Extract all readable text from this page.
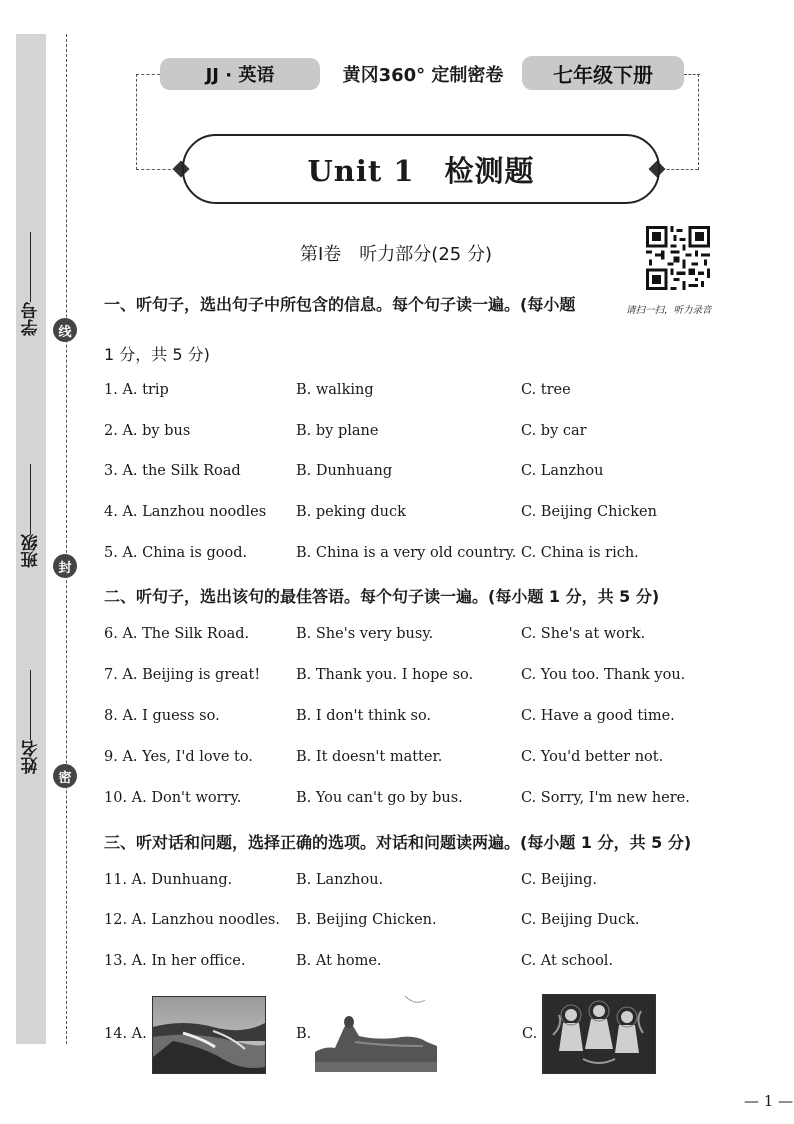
线
封
密
学号
班级
姓名
JJ · 英语	黄冈360° 定制密卷	七年级下册
Unit 1　检测题
第Ⅰ卷　听力部分(25 分)
请扫一扫，听力录音
一、听句子，选出句子中所包含的信息。每个句子读一遍。(每小题
1 分，共 5 分)
1. A. trip	B. walking	C. tree
2. A. by bus	B. by plane	C. by car
3. A. the Silk Road	B. Dunhuang	C. Lanzhou
4. A. Lanzhou noodles B. peking duck	C. Beijing Chicken
5. A. China is good.	B. China is a very old country. C. China is rich.
二、听句子，选出该句的最佳答语。每个句子读一遍。(每小题 1 分，共 5 分)
6. A. The Silk Road.	B. She's very busy.	C. She's at work.
7. A. Beijing is great! B. Thank you. I hope so.	C. You too. Thank you.
8. A. I guess so.	B. I don't think so.	C. Have a good time.
9. A. Yes, I'd love to.	B. It doesn't matter.	C. You'd better not.
10. A. Don't worry.	B. You can't go by bus.	C. Sorry, I'm new here.
三、听对话和问题，选择正确的选项。对话和问题读两遍。(每小题 1 分，共 5 分)
11. A. Dunhuang.	B. Lanzhou.	C. Beijing.
12. A. Lanzhou noodles. B. Beijing Chicken.	C. Beijing Duck.
13. A. In her office.	B. At home.	C. At school.
14. A.	B.	C.
— 1 —
